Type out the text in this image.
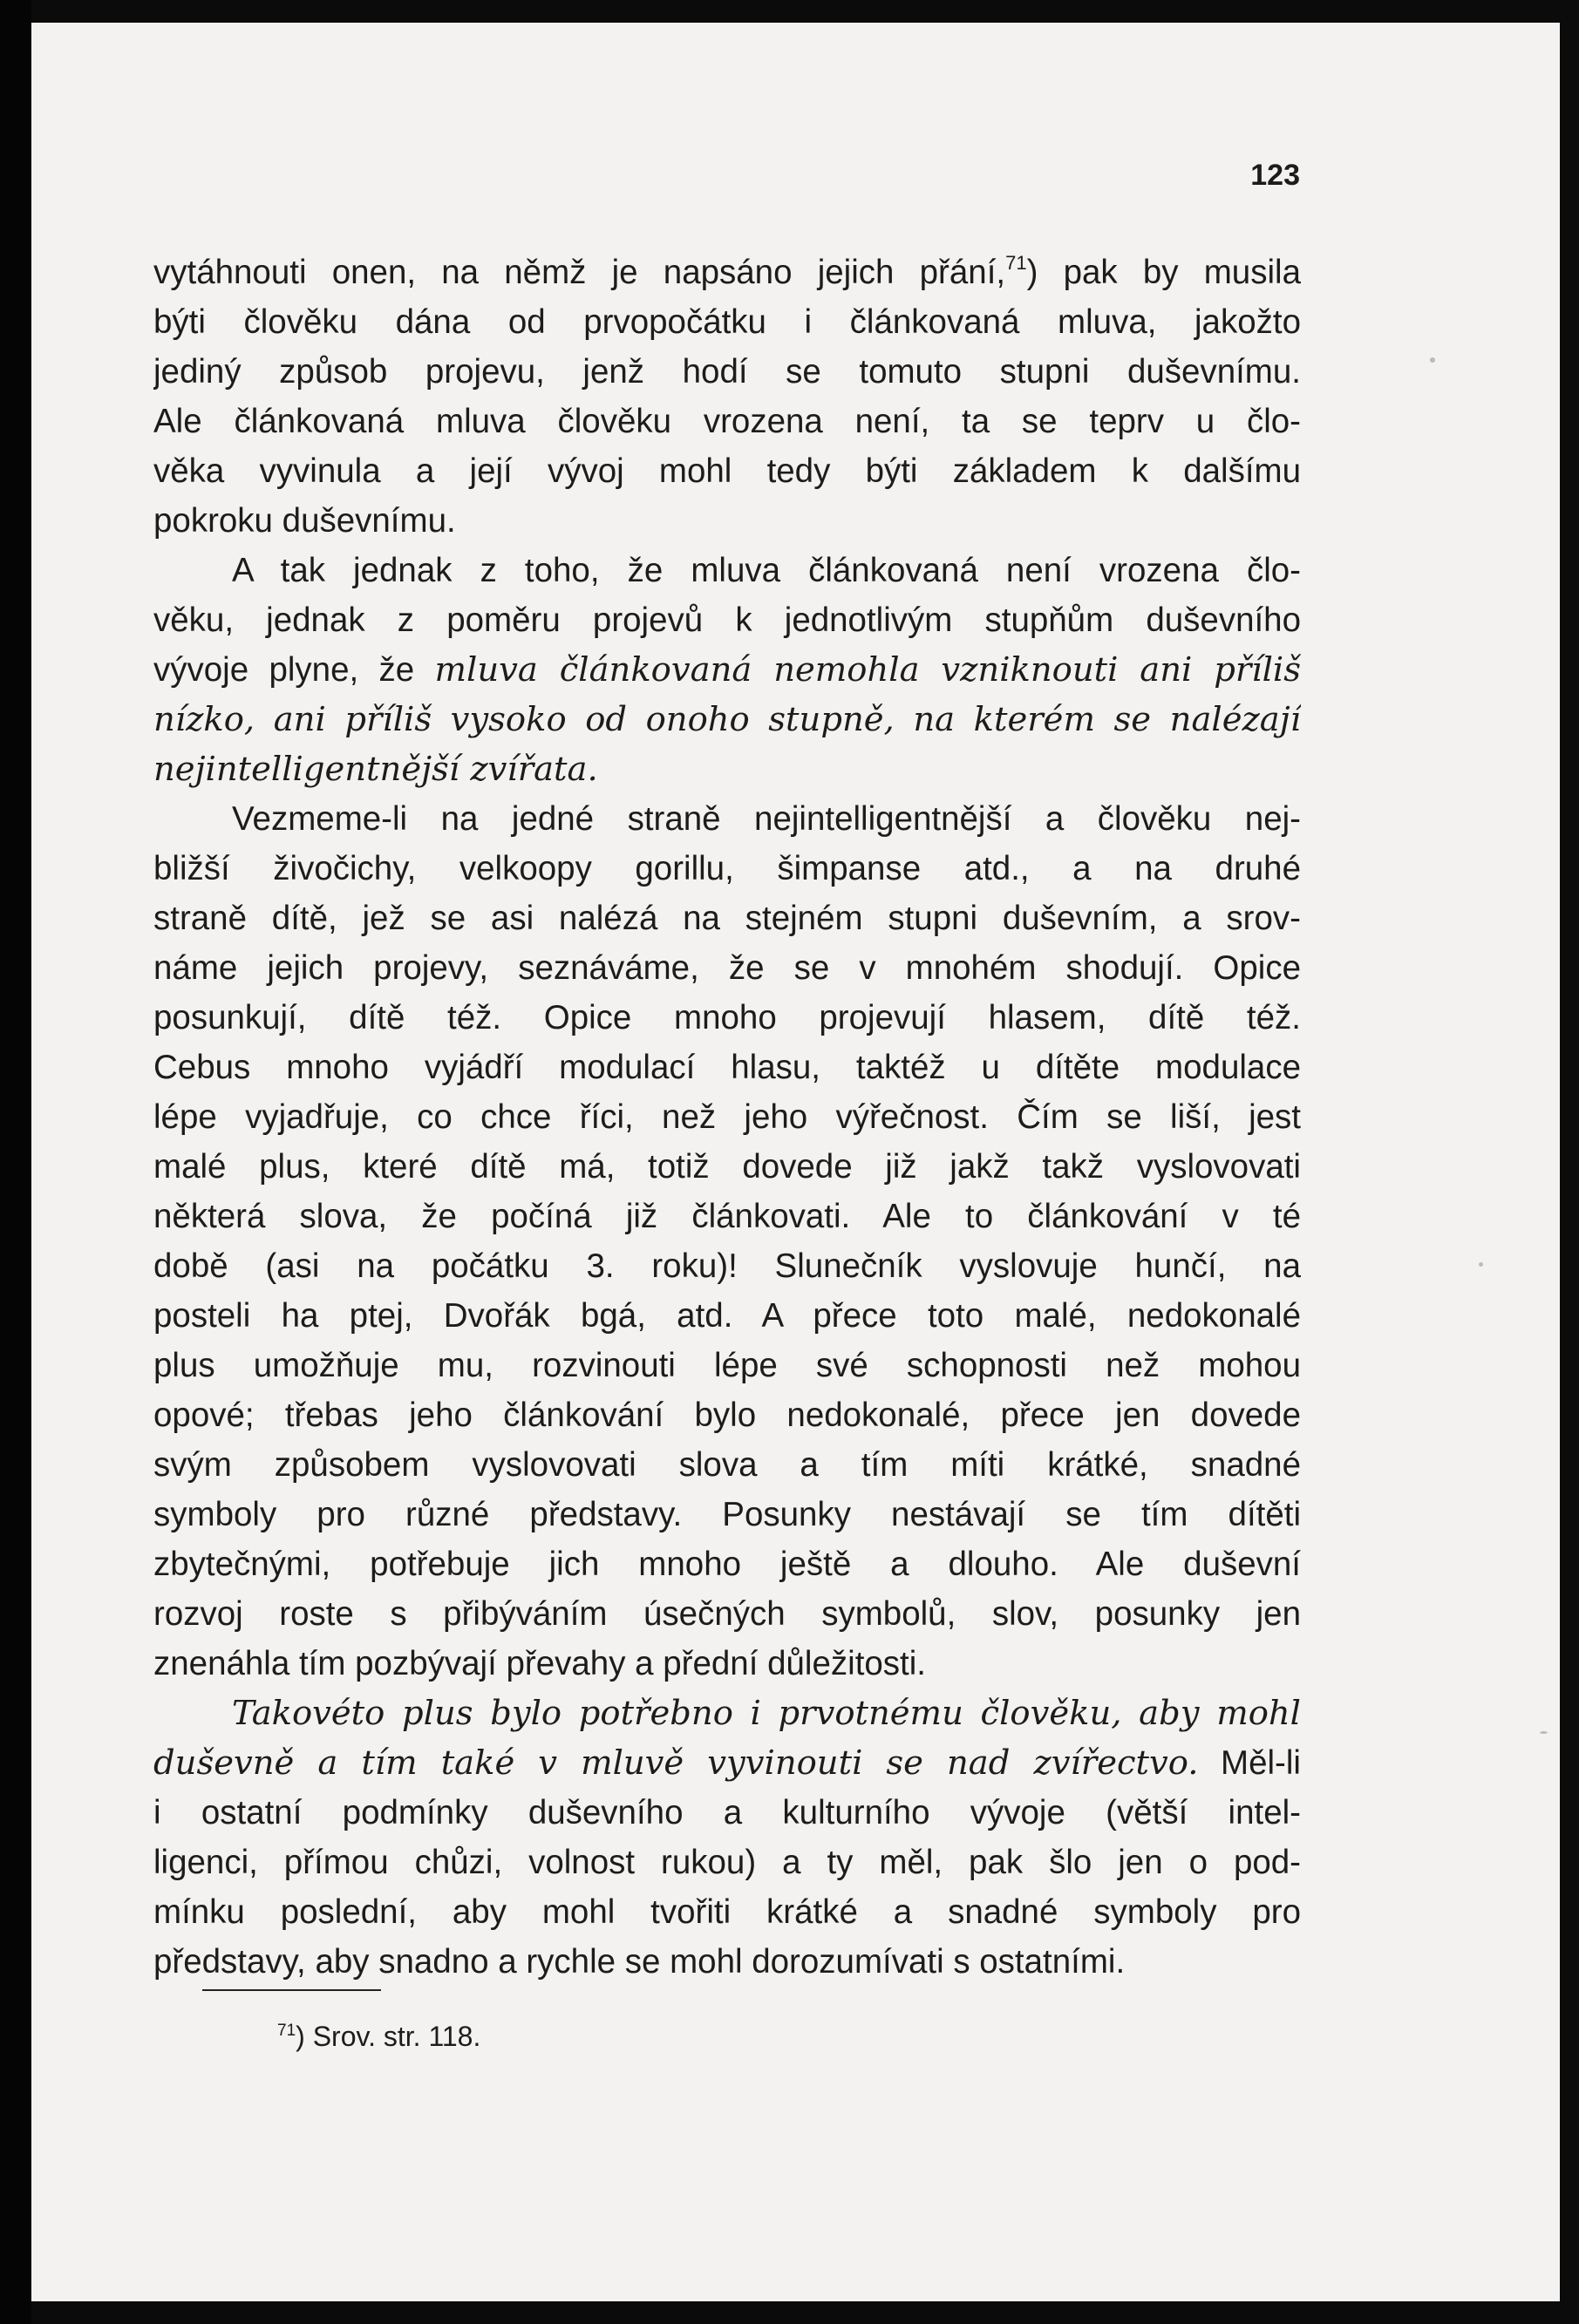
123
vytáhnouti onen, na němž je napsáno jejich přání,$^{71}$) pak by musila
býti člověku dána od prvopočátku i článkovaná mluva, jakožto
jediný způsob projevu, jenž hodí se tomuto stupni duševnímu.
Ale článkovaná mluva člověku vrozena není, ta se teprv u člo-
věka vyvinula a její vývoj mohl tedy býti základem k dalšímu
pokroku duševnímu.
A tak jednak z toho, že mluva článkovaná není vrozena člo-
věku, jednak z poměru projevů k jednotlivým stupňům duševního
vývoje plyne, že mluva článkovaná nemohla vzniknouti ani příliš
nízko, ani příliš vysoko od onoho stupně, na kterém se nalézají
nejintelligentnější zvířata.
Vezmeme-li na jedné straně nejintelligentnější a člověku nej-
bližší živočichy, velkoopy gorillu, šimpanse atd., a na druhé
straně dítě, jež se asi nalézá na stejném stupni duševním, a srov-
náme jejich projevy, seznáváme, že se v mnohém shodují. Opice
posunkují, dítě též. Opice mnoho projevují hlasem, dítě též.
Cebus mnoho vyjádří modulací hlasu, taktéž u dítěte modulace
lépe vyjadřuje, co chce říci, než jeho výřečnost. Čím se liší, jest
malé plus, které dítě má, totiž dovede již jakž takž vyslovovati
některá slova, že počíná již článkovati. Ale to článkování v té
době (asi na počátku 3. roku)! Slunečník vyslovuje hunčí, na
posteli ha ptej, Dvořák bgá, atd. A přece toto malé, nedokonalé
plus umožňuje mu, rozvinouti lépe své schopnosti než mohou
opové; třebas jeho článkování bylo nedokonalé, přece jen dovede
svým způsobem vyslovovati slova a tím míti krátké, snadné
symboly pro různé představy. Posunky nestávají se tím dítěti
zbytečnými, potřebuje jich mnoho ještě a dlouho. Ale duševní
rozvoj roste s přibýváním úsečných symbolů, slov, posunky jen
znenáhla tím pozbývají převahy a přední důležitosti.
Takovéto plus bylo potřebno i prvotnému člověku, aby mohl
duševně a tím také v mluvě vyvinouti se nad zvířectvo. Měl-li
i ostatní podmínky duševního a kulturního vývoje (větší intel-
ligenci, přímou chůzi, volnost rukou) a ty měl, pak šlo jen o pod-
mínku poslední, aby mohl tvořiti krátké a snadné symboly pro
představy, aby snadno a rychle se mohl dorozumívati s ostatními.
$^{71}$) Srov. str. 118.
